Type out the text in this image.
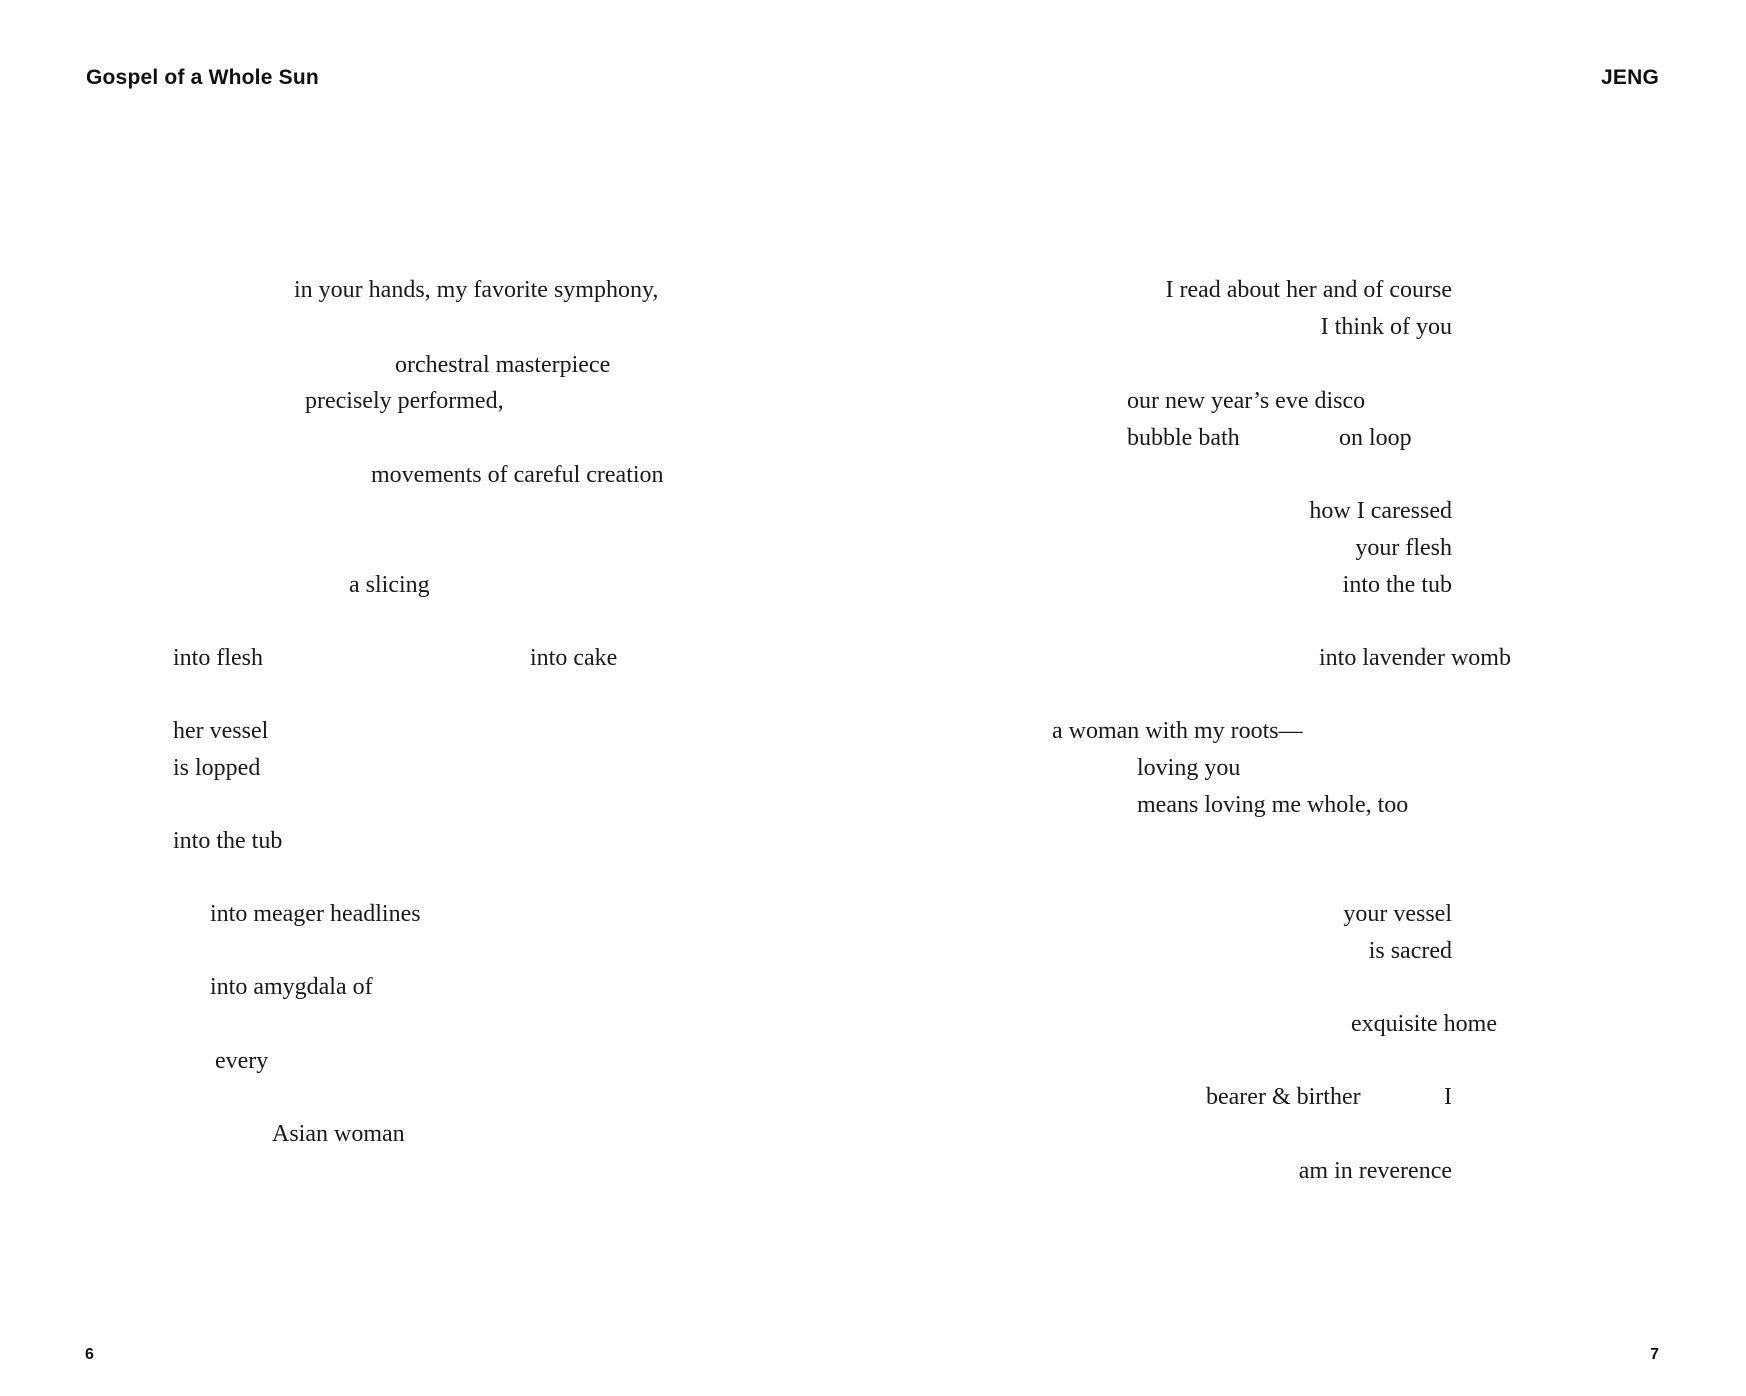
Gospel of a Whole Sun
in your hands, my favorite symphony,
orchestral masterpiece
precisely performed,
movements of careful creation
a slicing
into flesh	into cake
her vessel
is lopped
into the tub
into meager headlines
into amygdala of
every
Asian woman
6
JENG
I read about her and of course
I think of you
our new year’s eve disco
bubble bath	on loop
how I caressed
your flesh
into the tub
into lavender womb
a woman with my roots—
loving you
means loving me whole, too
your vessel
is sacred
exquisite home
bearer & birther	I
am in reverence
7
